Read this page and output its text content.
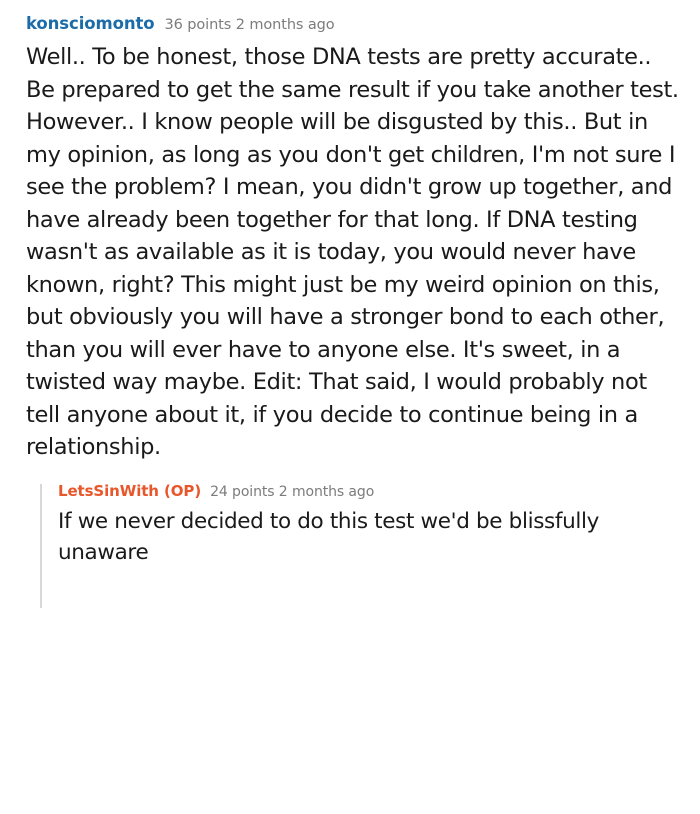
konsciomonto 36 points 2 months ago
Well.. To be honest, those DNA tests are pretty accurate.. Be prepared to get the same result if you take another test. However.. I know people will be disgusted by this.. But in my opinion, as long as you don't get children, I'm not sure I see the problem? I mean, you didn't grow up together, and have already been together for that long. If DNA testing wasn't as available as it is today, you would never have known, right? This might just be my weird opinion on this, but obviously you will have a stronger bond to each other, than you will ever have to anyone else. It's sweet, in a twisted way maybe. Edit: That said, I would probably not tell anyone about it, if you decide to continue being in a relationship.
LetsSinWith (OP) 24 points 2 months ago
If we never decided to do this test we'd be blissfully unaware
